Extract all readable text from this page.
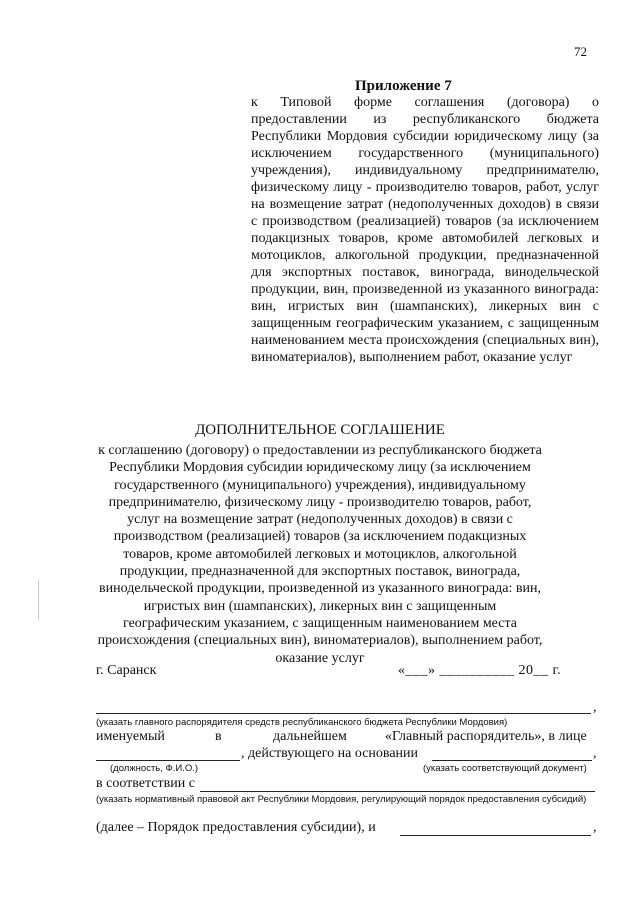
72
Приложение 7

к Типовой форме соглашения (договора) о предоставлении из республиканского бюджета Республики Мордовия субсидии юридическому лицу (за исключением государственного (муниципального) учреждения), индивидуальному предпринимателю, физическому лицу - производителю товаров, работ, услуг на возмещение затрат (недополученных доходов) в связи с производством (реализацией) товаров (за исключением подакцизных товаров, кроме автомобилей легковых и мотоциклов, алкогольной продукции, предназначенной для экспортных поставок, винограда, винодельческой продукции, вин, произведенной из указанного винограда: вин, игристых вин (шампанских), ликерных вин с защищенным географическим указанием, с защищенным наименованием места происхождения (специальных вин), виноматериалов), выполнением работ, оказание услуг

ДОПОЛНИТЕЛЬНОЕ СОГЛАШЕНИЕ

к соглашению (договору) о предоставлении из республиканского бюджета Республики Мордовия субсидии юридическому лицу (за исключением государственного (муниципального) учреждения), индивидуальному предпринимателю, физическому лицу - производителю товаров, работ, услуг на возмещение затрат (недополученных доходов) в связи с производством (реализацией) товаров (за исключением подакцизных товаров, кроме автомобилей легковых и мотоциклов, алкогольной продукции, предназначенной для экспортных поставок, винограда, винодельческой продукции, произведенной из указанного винограда: вин, игристых вин (шампанских), ликерных вин с защищенным географическим указанием, с защищенным наименованием места происхождения (специальных вин), виноматериалов), выполнением работ, оказание услуг

г. Саранск	«___» __________ 20__ г.
,
(указать главного распорядителя средств республиканского бюджета Республики Мордовия)
именуемый	в	дальнейшем	«Главный распорядитель», в лице
, действующего на основании	,
(должность, Ф.И.О.)	(указать соответствующий документ)
в соответствии с
(указать нормативный правовой акт Республики Мордовия, регулирующий порядок предоставления субсидий)
(далее – Порядок предоставления субсидии), и	,
